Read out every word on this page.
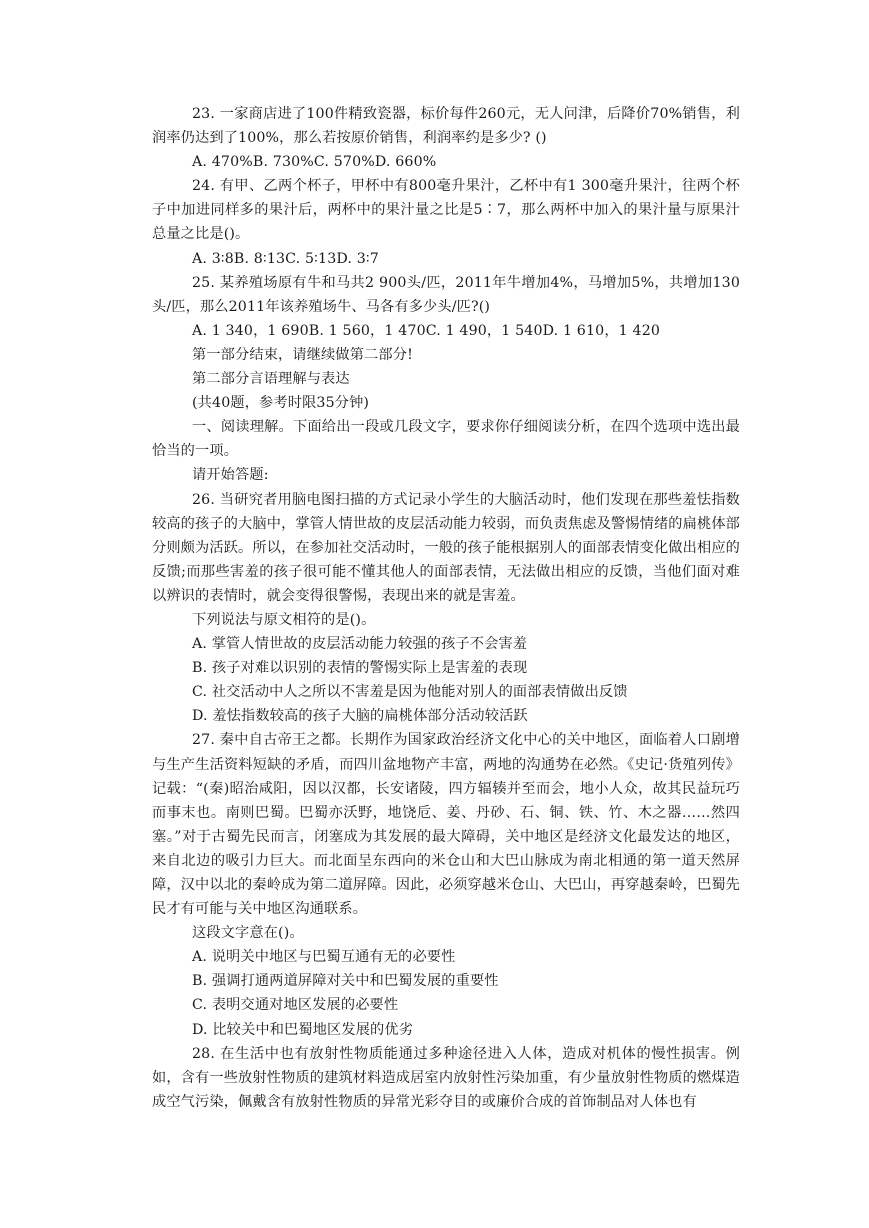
23. 一家商店进了100件精致瓷器，标价每件260元，无人问津，后降价70%销售，利润率仍达到了100%，那么若按原价销售，利润率约是多少? ()

A. 470%B. 730%C. 570%D. 660%

24. 有甲、乙两个杯子，甲杯中有800毫升果汁，乙杯中有1 300毫升果汁，往两个杯子中加进同样多的果汁后，两杯中的果汁量之比是5∶7，那么两杯中加入的果汁量与原果汁总量之比是()。

A. 3∶8B. 8∶13C. 5∶13D. 3∶7

25. 某养殖场原有牛和马共2 900头/匹，2011年牛增加4%，马增加5%，共增加130头/匹，那么2011年该养殖场牛、马各有多少头/匹?()

A. 1 340，1 690B. 1 560，1 470C. 1 490，1 540D. 1 610，1 420

第一部分结束，请继续做第二部分!

第二部分言语理解与表达

(共40题，参考时限35分钟)

一、阅读理解。下面给出一段或几段文字，要求你仔细阅读分析，在四个选项中选出最恰当的一项。

请开始答题:

26. 当研究者用脑电图扫描的方式记录小学生的大脑活动时，他们发现在那些羞怯指数较高的孩子的大脑中，掌管人情世故的皮层活动能力较弱，而负责焦虑及警惕情绪的扁桃体部分则颇为活跃。所以，在参加社交活动时，一般的孩子能根据别人的面部表情变化做出相应的反馈;而那些害羞的孩子很可能不懂其他人的面部表情，无法做出相应的反馈，当他们面对难以辨识的表情时，就会变得很警惕，表现出来的就是害羞。

下列说法与原文相符的是()。

A. 掌管人情世故的皮层活动能力较强的孩子不会害羞

B. 孩子对难以识别的表情的警惕实际上是害羞的表现

C. 社交活动中人之所以不害羞是因为他能对别人的面部表情做出反馈

D. 羞怯指数较高的孩子大脑的扁桃体部分活动较活跃

27. 秦中自古帝王之都。长期作为国家政治经济文化中心的关中地区，面临着人口剧增与生产生活资料短缺的矛盾，而四川盆地物产丰富，两地的沟通势在必然。《史记·货殖列传》记载：“(秦)昭治咸阳，因以汉都，长安诸陵，四方辐辏并至而会，地小人众，故其民益玩巧而事末也。南则巴蜀。巴蜀亦沃野，地饶卮、姜、丹砂、石、铜、铁、竹、木之器……然四塞。”对于古蜀先民而言，闭塞成为其发展的最大障碍，关中地区是经济文化最发达的地区，来自北边的吸引力巨大。而北面呈东西向的米仓山和大巴山脉成为南北相通的第一道天然屏障，汉中以北的秦岭成为第二道屏障。因此，必须穿越米仓山、大巴山，再穿越秦岭，巴蜀先民才有可能与关中地区沟通联系。

这段文字意在()。

A. 说明关中地区与巴蜀互通有无的必要性

B. 强调打通两道屏障对关中和巴蜀发展的重要性

C. 表明交通对地区发展的必要性

D. 比较关中和巴蜀地区发展的优劣

28. 在生活中也有放射性物质能通过多种途径进入人体，造成对机体的慢性损害。例如，含有一些放射性物质的建筑材料造成居室内放射性污染加重，有少量放射性物质的燃煤造成空气污染，佩戴含有放射性物质的异常光彩夺目的或廉价合成的首饰制品对人体也有
